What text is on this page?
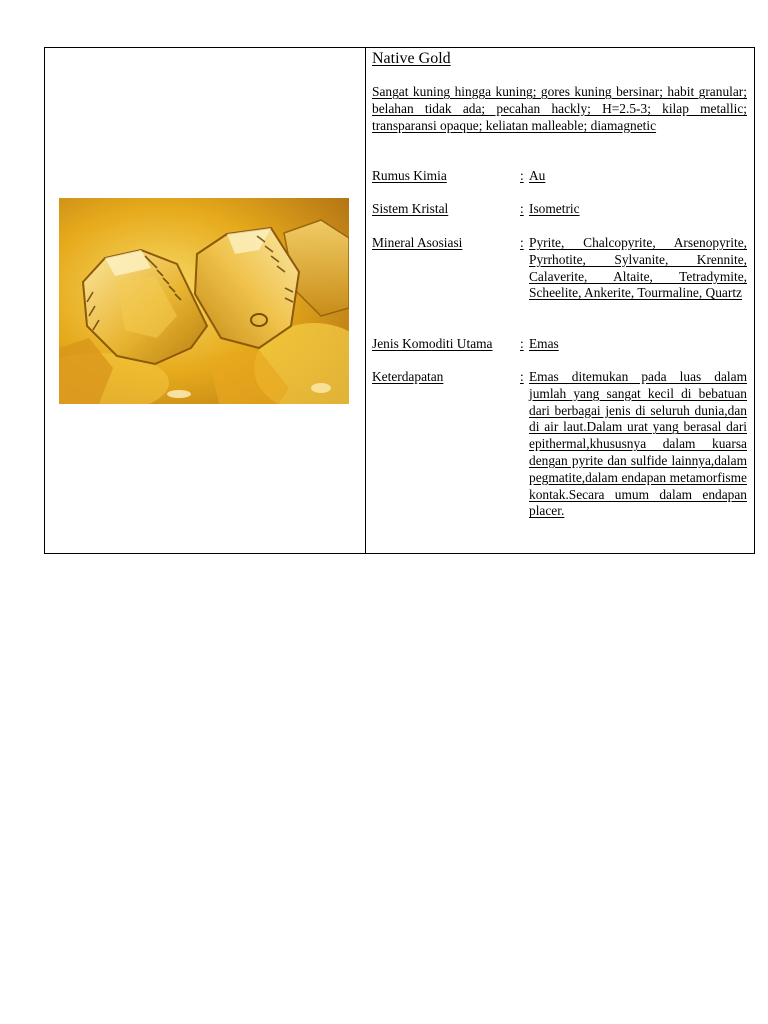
Native Gold
Sangat kuning hingga kuning; gores kuning bersinar; habit granular; belahan tidak ada; pecahan hackly; H=2.5-3; kilap metallic; transparansi opaque; keliatan malleable; diamagnetic
Rumus Kimia	: Au
Sistem Kristal	: Isometric
Mineral Asosiasi	: Pyrite, Chalcopyrite, Arsenopyrite, Pyrrhotite, Sylvanite, Krennite, Calaverite, Altaite, Tetradymite, Scheelite, Ankerite, Tourmaline, Quartz
Jenis Komoditi Utama : Emas
Keterdapatan	: Emas ditemukan pada luas dalam jumlah yang sangat kecil di bebatuan dari berbagai jenis di seluruh dunia,dan di air laut.Dalam urat yang berasal dari epithermal,khususnya dalam kuarsa dengan pyrite dan sulfide lainnya,dalam pegmatite,dalam endapan metamorfisme kontak.Secara umum dalam endapan placer.
